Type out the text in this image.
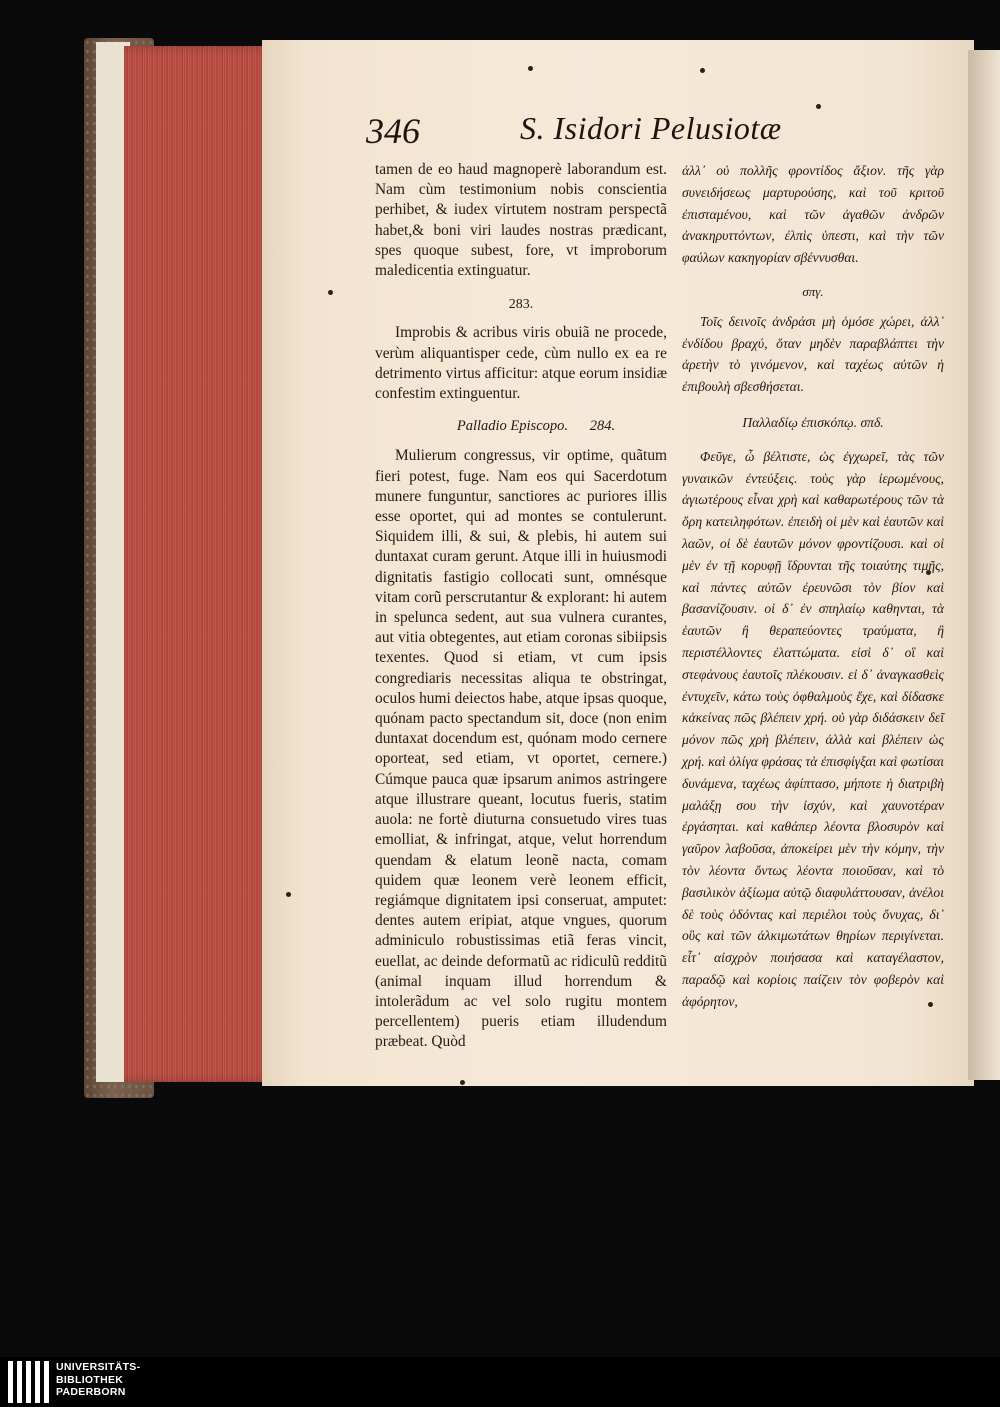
346	S. Isidori Pelusiotæ

tamen de eo haud magnoperè laborandum est. Nam cùm testimonium nobis conscientia perhibet, & iudex virtutem nostram perspectã habet,& boni viri laudes nostras prædicant, spes quoque subest, fore, vt improborum maledicentia extinguatur.

283.

Improbis & acribus viris obuiã ne procede, verùm aliquantisper cede, cùm nullo ex ea re detrimento virtus afficitur: atque eorum insidiæ confestim extinguentur.

Palladio Episcopo. 284.

Mulierum congressus, vir optime, quãtum fieri potest, fuge. Nam eos qui Sacerdotum munere funguntur, sanctiores ac puriores illis esse oportet, qui ad montes se contulerunt. Siquidem illi, & sui, & plebis, hi autem sui duntaxat curam gerunt. Atque illi in huiusmodi dignitatis fastigio collocati sunt, omnésque vitam corũ perscrutantur & explorant: hi autem in spelunca sedent, aut sua vulnera curantes, aut vitia obtegentes, aut etiam coronas sibiipsis texentes. Quod si etiam, vt cum ipsis congrediaris necessitas aliqua te obstringat, oculos humi deiectos habe, atque ipsas quoque, quónam pacto spectandum sit, doce (non enim duntaxat docendum est, quónam modo cernere oporteat, sed etiam, vt oportet, cernere.) Cúmque pauca quæ ipsarum animos astringere atque illustrare queant, locutus fueris, statim auola: ne fortè diuturna consuetudo vires tuas emolliat, & infringat, atque, velut horrendum quendam & elatum leonẽ nacta, comam quidem quæ leonem verè leonem efficit, regiámque dignitatem ipsi conseruat, amputet: dentes autem eripiat, atque vngues, quorum adminiculo robustissimas etiã feras vincit, euellat, ac deinde deformatũ ac ridiculũ redditũ (animal inquam illud horrendum & intolerãdum ac vel solo rugitu montem percellentem) pueris etiam illudendum præbeat. Quòd

ἀλλ᾽ οὐ πολλῆς φροντίδος ἄξιον. τῆς γὰρ συνειδήσεως μαρτυρούσης, καὶ τοῦ κριτοῦ ἐπισταμένου, καὶ τῶν ἀγαθῶν ἀνδρῶν ἀνακηρυττόντων, ἐλπὶς ὑπεστι, καὶ τὴν τῶν φαύλων κακηγορίαν σβέννυσθαι.

σπγ.

Τοῖς δεινοῖς ἀνδράσι μὴ ὁμόσε χώρει, ἀλλ᾽ ἐνδίδου βραχύ, ὅταν μηδὲν παραβλάπτει τὴν ἀρετὴν τὸ γινόμενον, καὶ ταχέως αὐτῶν ἡ ἐπιβουλὴ σβεσθήσεται.

Παλλαδίῳ ἐπισκόπῳ. σπδ.

Φεῦγε, ὦ βέλτιστε, ὡς ἐγχωρεῖ, τὰς τῶν γυναικῶν ἐντεύξεις. τοὺς γὰρ ἱερωμένους, ἁγιωτέρους εἶναι χρὴ καὶ καθαρωτέρους τῶν τὰ ὄρη κατειληφότων. ἐπειδὴ οἱ μὲν καὶ ἑαυτῶν καὶ λαῶν, οἱ δὲ ἑαυτῶν μόνον φροντίζουσι. καὶ οἱ μὲν ἐν τῇ κορυφῇ ἵδρυνται τῆς τοιαύτης τιμῆς, καὶ πάντες αὐτῶν ἐρευνῶσι τὸν βίον καὶ βασανίζουσιν. οἱ δ᾽ ἐν σπηλαίῳ καθηνται, τὰ ἑαυτῶν ἢ θεραπεύοντες τραύματα, ἢ περιστέλλοντες ἐλαττώματα. εἰσὶ δ᾽ οἳ καὶ στεφάνους ἑαυτοῖς πλέκουσιν. εἰ δ᾽ ἀναγκασθεὶς ἐντυχεῖν, κάτω τοὺς ὀφθαλμοὺς ἔχε, καὶ δίδασκε κἀκείνας πῶς βλέπειν χρή. οὐ γὰρ διδάσκειν δεῖ μόνον πῶς χρὴ βλέπειν, ἀλλὰ καὶ βλέπειν ὡς χρή. καὶ ὀλίγα φράσας τὰ ἐπισφίγξαι καὶ φωτίσαι δυνάμενα, ταχέως ἀφίπτασο, μήποτε ἡ διατριβὴ μαλάξῃ σου τὴν ἰσχύν, καὶ χαυνοτέραν ἐργάσηται. καὶ καθάπερ λέοντα βλοσυρὸν καὶ γαῦρον λαβοῦσα, ἀποκείρει μὲν τὴν κόμην, τὴν τὸν λέοντα ὄντως λέοντα ποιοῦσαν, καὶ τὸ βασιλικὸν ἀξίωμα αὐτῷ διαφυλάττουσαν, ἀνέλοι δὲ τοὺς ὀδόντας καὶ περιέλοι τοὺς ὄνυχας, δι᾽ οὓς καὶ τῶν ἀλκιμωτάτων θηρίων περιγίνεται. εἶτ᾽ αἰσχρὸν ποιήσασα καὶ καταγέλαστον, παραδῷ καὶ κορίοις παίζειν τὸν φοβερὸν καὶ ἀφόρητον,

UNIVERSITÄTS-
BIBLIOTHEK
PADERBORN
